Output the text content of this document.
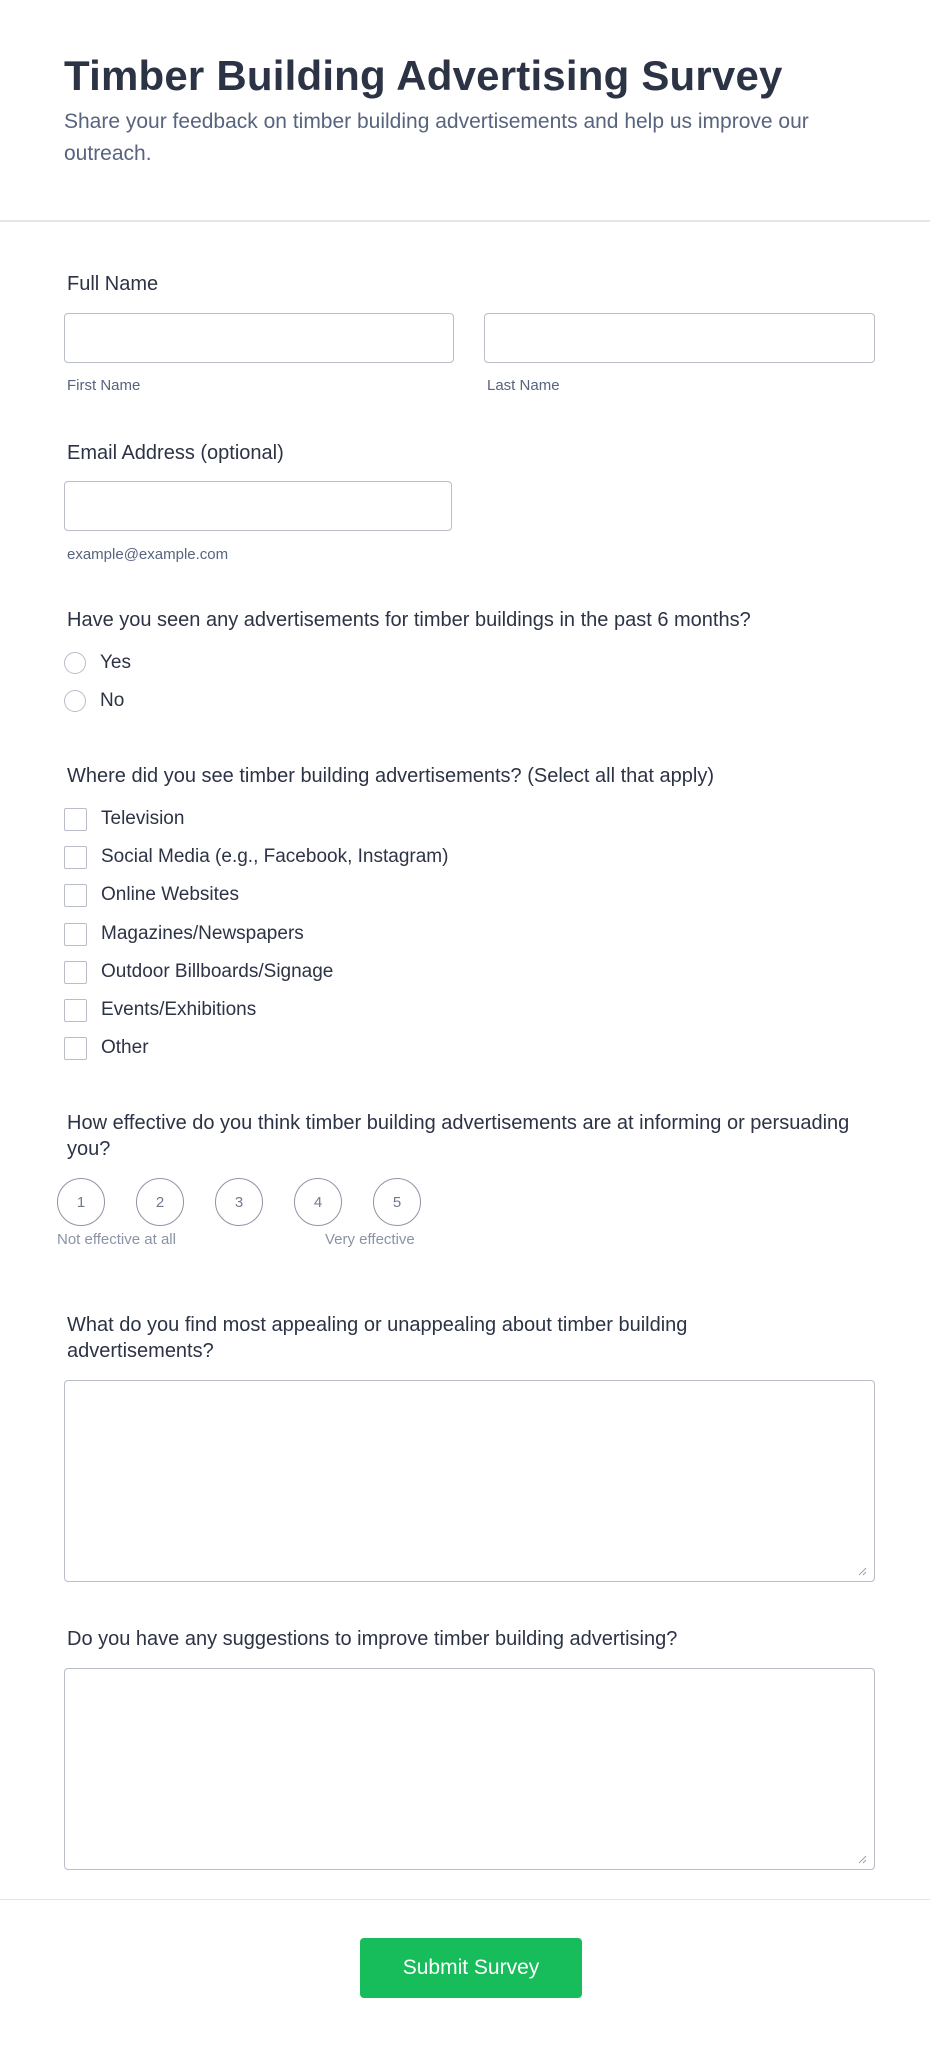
Timber Building Advertising Survey
Share your feedback on timber building advertisements and help us improve our outreach.
Full Name
First Name	Last Name
Email Address (optional)
example@example.com
Have you seen any advertisements for timber buildings in the past 6 months?
Yes
No
Where did you see timber building advertisements? (Select all that apply)
Television
Social Media (e.g., Facebook, Instagram)
Online Websites
Magazines/Newspapers
Outdoor Billboards/Signage
Events/Exhibitions
Other
How effective do you think timber building advertisements are at informing or persuading you?
1	2	3	4	5
Not effective at all	Very effective
What do you find most appealing or unappealing about timber building advertisements?
Do you have any suggestions to improve timber building advertising?
Submit Survey
